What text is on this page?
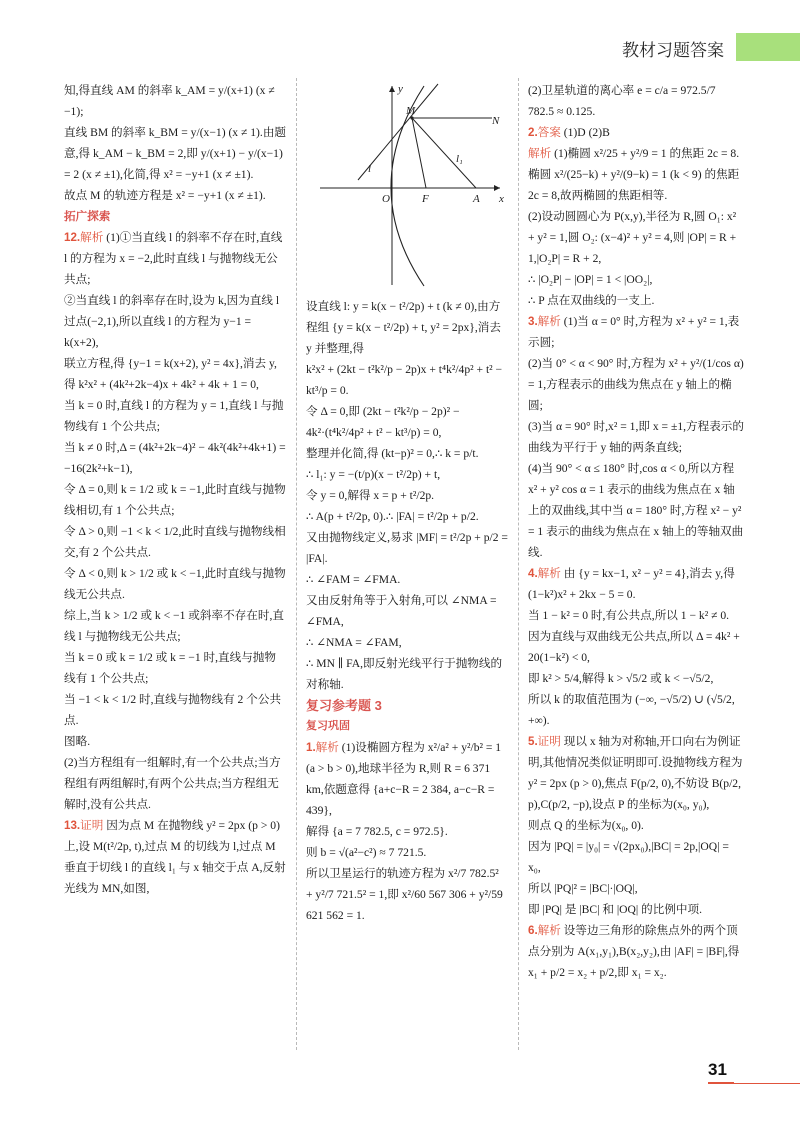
教材习题答案

知,得直线 AM 的斜率 k_AM = y/(x+1) (x ≠ −1);

直线 BM 的斜率 k_BM = y/(x−1) (x ≠ 1).由题意,得 k_AM − k_BM = 2,即 y/(x+1) − y/(x−1) = 2 (x ≠ ±1),化简,得 x² = −y+1 (x ≠ ±1).

故点 M 的轨迹方程是 x² = −y+1 (x ≠ ±1).

拓广探索

12.解析 (1)①当直线 l 的斜率不存在时,直线 l 的方程为 x = −2,此时直线 l 与抛物线无公共点;

②当直线 l 的斜率存在时,设为 k,因为直线 l 过点(−2,1),所以直线 l 的方程为 y−1 = k(x+2),

联立方程,得 {y−1 = k(x+2), y² = 4x},消去 y,得 k²x² + (4k²+2k−4)x + 4k² + 4k + 1 = 0,

当 k = 0 时,直线 l 的方程为 y = 1,直线 l 与抛物线有 1 个公共点;

当 k ≠ 0 时,Δ = (4k²+2k−4)² − 4k²(4k²+4k+1) = −16(2k²+k−1),

令 Δ = 0,则 k = 1/2 或 k = −1,此时直线与抛物线相切,有 1 个公共点;

令 Δ > 0,则 −1 < k < 1/2,此时直线与抛物线相交,有 2 个公共点.

令 Δ < 0,则 k > 1/2 或 k < −1,此时直线与抛物线无公共点.

综上,当 k > 1/2 或 k < −1 或斜率不存在时,直线 l 与抛物线无公共点;

当 k = 0 或 k = 1/2 或 k = −1 时,直线与抛物线有 1 个公共点;

当 −1 < k < 1/2 时,直线与抛物线有 2 个公共点.

图略.

(2)当方程组有一组解时,有一个公共点;当方程组有两组解时,有两个公共点;当方程组无解时,没有公共点.

13.证明 因为点 M 在抛物线 y² = 2px (p > 0)上,设 M(t²/2p, t),过点 M 的切线为 l,过点 M 垂直于切线 l 的直线 l₁ 与 x 轴交于点 A,反射光线为 MN,如图,

y
M
N
l
l₁
O	F	A x

设直线 l: y = k(x − t²/2p) + t (k ≠ 0),由方程组 {y = k(x − t²/2p) + t, y² = 2px},消去 y 并整理,得

k²x² + (2kt − t²k²/p − 2p)x + t⁴k²/4p² + t² − kt³/p = 0.

令 Δ = 0,即 (2kt − t²k²/p − 2p)² − 4k²·(t⁴k²/4p² + t² − kt³/p) = 0,

整理并化简,得 (kt−p)² = 0,∴ k = p/t.

∴ l₁: y = −(t/p)(x − t²/2p) + t,

令 y = 0,解得 x = p + t²/2p.

∴ A(p + t²/2p, 0).∴ |FA| = t²/2p + p/2.

又由抛物线定义,易求 |MF| = t²/2p + p/2 = |FA|.

∴ ∠FAM = ∠FMA.

又由反射角等于入射角,可以 ∠NMA = ∠FMA,

∴ ∠NMA = ∠FAM,

∴ MN ∥ FA,即反射光线平行于抛物线的对称轴.

复习参考题 3

复习巩固

1.解析 (1)设椭圆方程为 x²/a² + y²/b² = 1 (a > b > 0),地球半径为 R,则 R = 6 371 km,依题意得 {a+c−R = 2 384, a−c−R = 439},

解得 {a = 7 782.5, c = 972.5}.

则 b = √(a²−c²) ≈ 7 721.5.

所以卫星运行的轨迹方程为 x²/7 782.5² + y²/7 721.5² = 1,即 x²/60 567 306 + y²/59 621 562 = 1.

(2)卫星轨道的离心率 e = c/a = 972.5/7 782.5 ≈ 0.125.

2.答案 (1)D (2)B

解析 (1)椭圆 x²/25 + y²/9 = 1 的焦距 2c = 8.

椭圆 x²/(25−k) + y²/(9−k) = 1 (k < 9) 的焦距 2c = 8,故两椭圆的焦距相等.

(2)设动圆圆心为 P(x,y),半径为 R,圆 O₁: x² + y² = 1,圆 O₂: (x−4)² + y² = 4,则 |OP| = R + 1,|O₂P| = R + 2,

∴ |O₂P| − |OP| = 1 < |OO₂|,

∴ P 点在双曲线的一支上.

3.解析 (1)当 α = 0° 时,方程为 x² + y² = 1,表示圆;

(2)当 0° < α < 90° 时,方程为 x² + y²/(1/cos α) = 1,方程表示的曲线为焦点在 y 轴上的椭圆;

(3)当 α = 90° 时,x² = 1,即 x = ±1,方程表示的曲线为平行于 y 轴的两条直线;

(4)当 90° < α ≤ 180° 时,cos α < 0,所以方程 x² + y² cos α = 1 表示的曲线为焦点在 x 轴上的双曲线,其中当 α = 180° 时,方程 x² − y² = 1 表示的曲线为焦点在 x 轴上的等轴双曲线.

4.解析 由 {y = kx−1, x² − y² = 4},消去 y,得 (1−k²)x² + 2kx − 5 = 0.

当 1 − k² = 0 时,有公共点,所以 1 − k² ≠ 0.

因为直线与双曲线无公共点,所以 Δ = 4k² + 20(1−k²) < 0,

即 k² > 5/4,解得 k > √5/2 或 k < −√5/2,

所以 k 的取值范围为 (−∞, −√5/2) ∪ (√5/2, +∞).

5.证明 现以 x 轴为对称轴,开口向右为例证明,其他情况类似证明即可.设抛物线方程为 y² = 2px (p > 0),焦点 F(p/2, 0),不妨设 B(p/2, p),C(p/2, −p),设点 P 的坐标为(x₀, y₀),

则点 Q 的坐标为(x₀, 0).

因为 |PQ| = |y₀| = √(2px₀),|BC| = 2p,|OQ| = x₀,

所以 |PQ|² = |BC|·|OQ|,

即 |PQ| 是 |BC| 和 |OQ| 的比例中项.

6.解析 设等边三角形的除焦点外的两个顶点分别为 A(x₁,y₁),B(x₂,y₂),由 |AF| = |BF|,得

x₁ + p/2 = x₂ + p/2,即 x₁ = x₂.

31
